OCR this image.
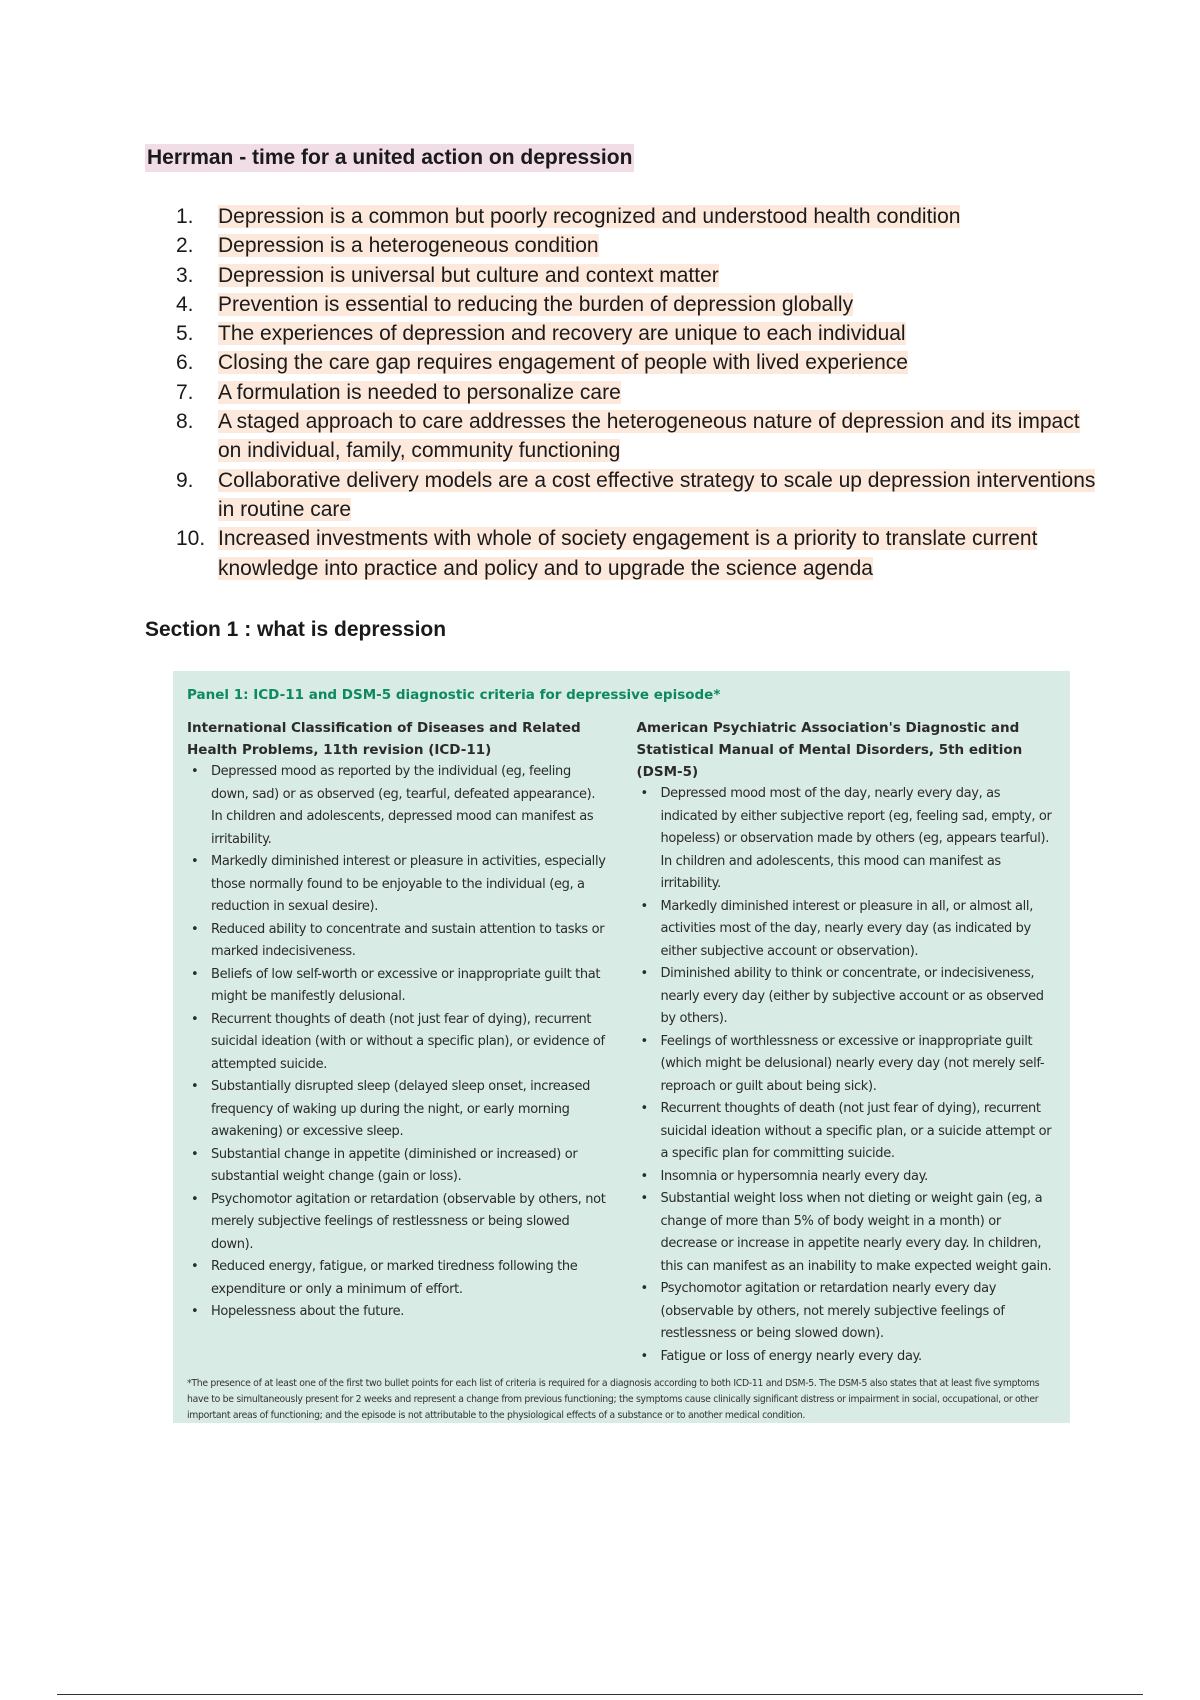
Herrman - time for a united action on depression
1. Depression is a common but poorly recognized and understood health condition
2. Depression is a heterogeneous condition
3. Depression is universal but culture and context matter
4. Prevention is essential to reducing the burden of depression globally
5. The experiences of depression and recovery are unique to each individual
6. Closing the care gap requires engagement of people with lived experience
7. A formulation is needed to personalize care
8. A staged approach to care addresses the heterogeneous nature of depression and its impact on individual, family, community functioning
9. Collaborative delivery models are a cost effective strategy to scale up depression interventions in routine care
10. Increased investments with whole of society engagement is a priority to translate current knowledge into practice and policy and to upgrade the science agenda
Section 1 : what is depression

Panel 1: ICD-11 and DSM-5 diagnostic criteria for depressive episode*

International Classification of Diseases and Related Health Problems, 11th revision (ICD-11)

• Depressed mood as reported by the individual (eg, feeling down, sad) or as observed (eg, tearful, defeated appearance). In children and adolescents, depressed mood can manifest as irritability.
• Markedly diminished interest or pleasure in activities, especially those normally found to be enjoyable to the individual (eg, a reduction in sexual desire).
• Reduced ability to concentrate and sustain attention to tasks or marked indecisiveness.
• Beliefs of low self-worth or excessive or inappropriate guilt that might be manifestly delusional.
• Recurrent thoughts of death (not just fear of dying), recurrent suicidal ideation (with or without a specific plan), or evidence of attempted suicide.
• Substantially disrupted sleep (delayed sleep onset, increased frequency of waking up during the night, or early morning awakening) or excessive sleep.
• Substantial change in appetite (diminished or increased) or substantial weight change (gain or loss).
• Psychomotor agitation or retardation (observable by others, not merely subjective feelings of restlessness or being slowed down).
• Reduced energy, fatigue, or marked tiredness following the expenditure or only a minimum of effort.
• Hopelessness about the future.

American Psychiatric Association's Diagnostic and Statistical Manual of Mental Disorders, 5th edition (DSM-5)

• Depressed mood most of the day, nearly every day, as indicated by either subjective report (eg, feeling sad, empty, or hopeless) or observation made by others (eg, appears tearful). In children and adolescents, this mood can manifest as irritability.
• Markedly diminished interest or pleasure in all, or almost all, activities most of the day, nearly every day (as indicated by either subjective account or observation).
• Diminished ability to think or concentrate, or indecisiveness, nearly every day (either by subjective account or as observed by others).
• Feelings of worthlessness or excessive or inappropriate guilt (which might be delusional) nearly every day (not merely self-reproach or guilt about being sick).
• Recurrent thoughts of death (not just fear of dying), recurrent suicidal ideation without a specific plan, or a suicide attempt or a specific plan for committing suicide.
• Insomnia or hypersomnia nearly every day.
• Substantial weight loss when not dieting or weight gain (eg, a change of more than 5% of body weight in a month) or decrease or increase in appetite nearly every day. In children, this can manifest as an inability to make expected weight gain.
• Psychomotor agitation or retardation nearly every day (observable by others, not merely subjective feelings of restlessness or being slowed down).
• Fatigue or loss of energy nearly every day.

*The presence of at least one of the first two bullet points for each list of criteria is required for a diagnosis according to both ICD-11 and DSM-5. The DSM-5 also states that at least five symptoms have to be simultaneously present for 2 weeks and represent a change from previous functioning; the symptoms cause clinically significant distress or impairment in social, occupational, or other important areas of functioning; and the episode is not attributable to the physiological effects of a substance or to another medical condition.
